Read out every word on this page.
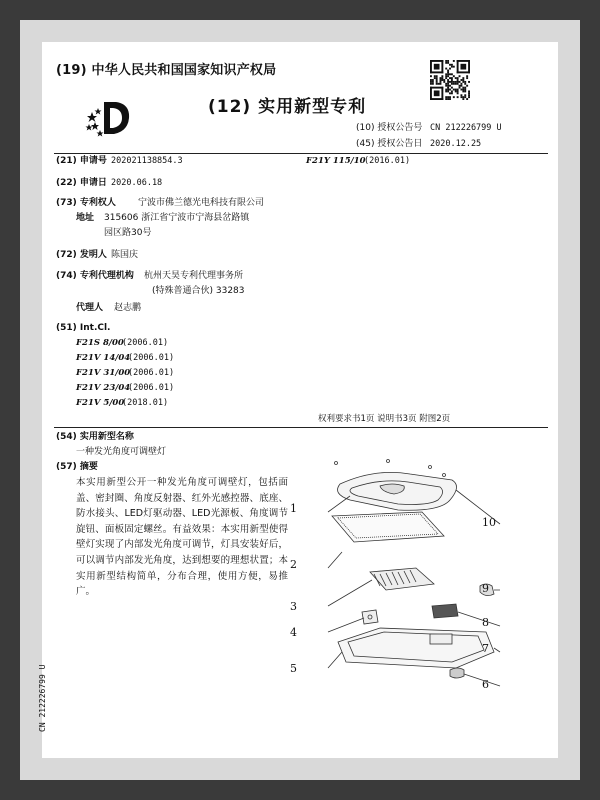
(19) 中华人民共和国国家知识产权局
(12) 实用新型专利
(10) 授权公告号 CN 212226799 U
(45) 授权公告日 2020.12.25
(21) 申请号 202021138854.3	F21Y 115/10
(2016.01)
(22) 申请日 2020.06.18
(73) 专利权人 宁波市佛兰德光电科技有限公司
地址 315606 浙江省宁波市宁海县岔路镇
园区路30号
(72) 发明人 陈国庆
(74) 专利代理机构 杭州天昊专利代理事务所
(特殊普通合伙) 33283
代理人 赵志鹏
(51) Int.Cl.
F21S 8/00
(2006.01)
F21V 14/04
(2006.01)
F21V 31/00
(2006.01)
F21V 23/04
(2006.01)
F21V 5/00
(2018.01)
权利要求书1页 说明书3页 附图2页
(54) 实用新型名称
一种发光角度可调壁灯
(57) 摘要
本实用新型公开一种发光角度可调壁灯，包括面盖、密封圈、角度反射器、红外光感控器、底座、防水接头、LED灯驱动器、LED光源板、角度调节旋钮、面板固定螺丝。有益效果：本实用新型使得壁灯实现了内部发光角度可调节，灯具安装好后，可以调节内部发光角度，达到想要的理想状置；本实用新型结构简单，分布合理，使用方便，易推广。
1
2
3
4
5
6
7
8
9
10
CN 212226799 U
